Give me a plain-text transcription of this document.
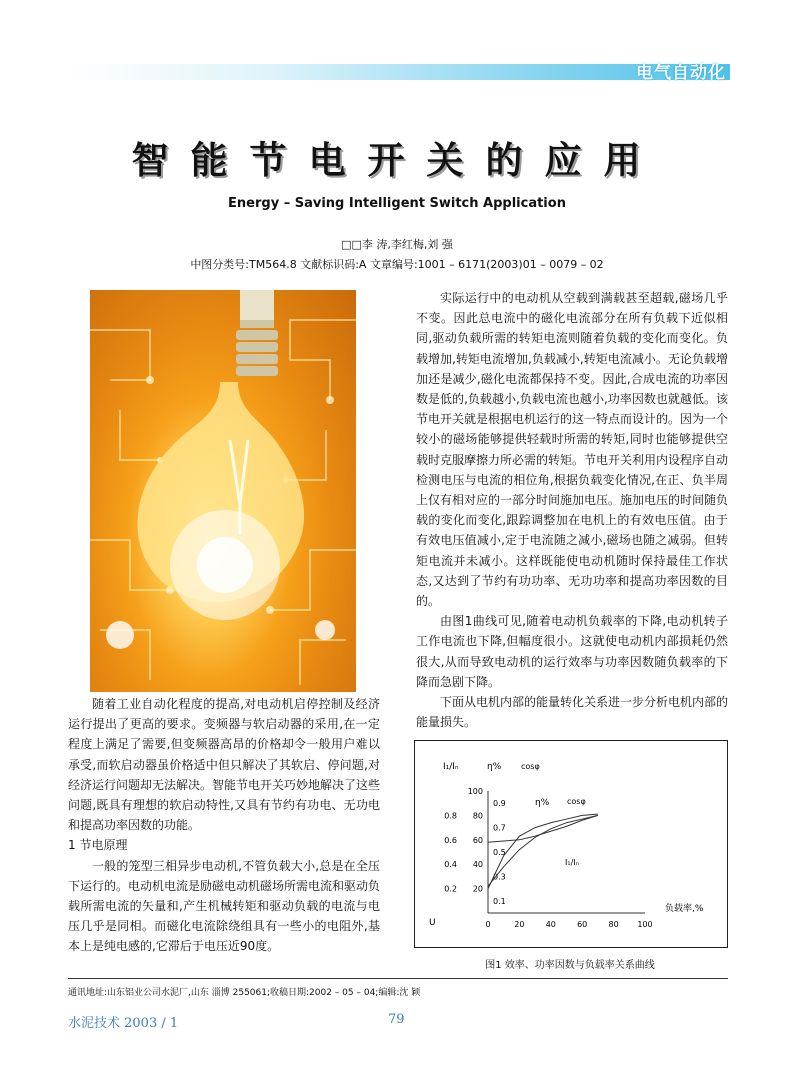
电气自动化
智能节电开关的应用
Energy – Saving Intelligent Switch Application
□□李 涛,李红梅,刘 强
中图分类号:TM564.8 文献标识码:A 文章编号:1001 – 6171(2003)01 – 0079 – 02

随着工业自动化程度的提高,对电动机启停控制及经济运行提出了更高的要求。变频器与软启动器的采用,在一定程度上满足了需要,但变频器高昂的价格却令一般用户难以承受,而软启动器虽价格适中但只解决了其软启、停问题,对经济运行问题却无法解决。智能节电开关巧妙地解决了这些问题,既具有理想的软启动特性,又具有节约有功电、无功电和提高功率因数的功能。

1 节电原理

一般的笼型三相异步电动机,不管负载大小,总是在全压下运行的。电动机电流是励磁电动机磁场所需电流和驱动负载所需电流的矢量和,产生机械转矩和驱动负载的电流与电压几乎是同相。而磁化电流除绕组具有一些小的电阻外,基本上是纯电感的,它滞后于电压近90度。

实际运行中的电动机从空载到满载甚至超载,磁场几乎不变。因此总电流中的磁化电流部分在所有负载下近似相同,驱动负载所需的转矩电流则随着负载的变化而变化。负载增加,转矩电流增加,负载减小,转矩电流减小。无论负载增加还是减少,磁化电流都保持不变。因此,合成电流的功率因数是低的,负载越小,负载电流也越小,功率因数也就越低。该节电开关就是根据电机运行的这一特点而设计的。因为一个较小的磁场能够提供轻载时所需的转矩,同时也能够提供空载时克服摩擦力所必需的转矩。节电开关利用内设程序自动检测电压与电流的相位角,根据负载变化情况,在正、负半周上仅有相对应的一部分时间施加电压。施加电压的时间随负载的变化而变化,跟踪调整加在电机上的有效电压值。由于有效电压值减小,定于电流随之减小,磁场也随之减弱。但转矩电流并未减小。这样既能使电动机随时保持最佳工作状态,又达到了节约有功功率、无功功率和提高功率因数的目的。

由图1曲线可见,随着电动机负载率的下降,电动机转子工作电流也下降,但幅度很小。这就使电动机内部损耗仍然很大,从而导致电动机的运行效率与功率因数随负载率的下降而急剧下降。

下面从电机内部的能量转化关系进一步分析电机内部的能量损失。

I₁/Iₙ	η% cosφ
U
0.8
0.6
0.4
0.2
100
80
60
40
20
0.9
0.7
0.5
0.3
0.1
0	20	40	60	80 100
η% cosφ
I₁/Iₙ
负载率,%
图1 效率、功率因数与负载率关系曲线
通讯地址:山东铝业公司水泥厂,山东 淄博 255061;收稿日期:2002 – 05 – 04;编辑:沈 颖
水泥技术 2003 / 1	79
